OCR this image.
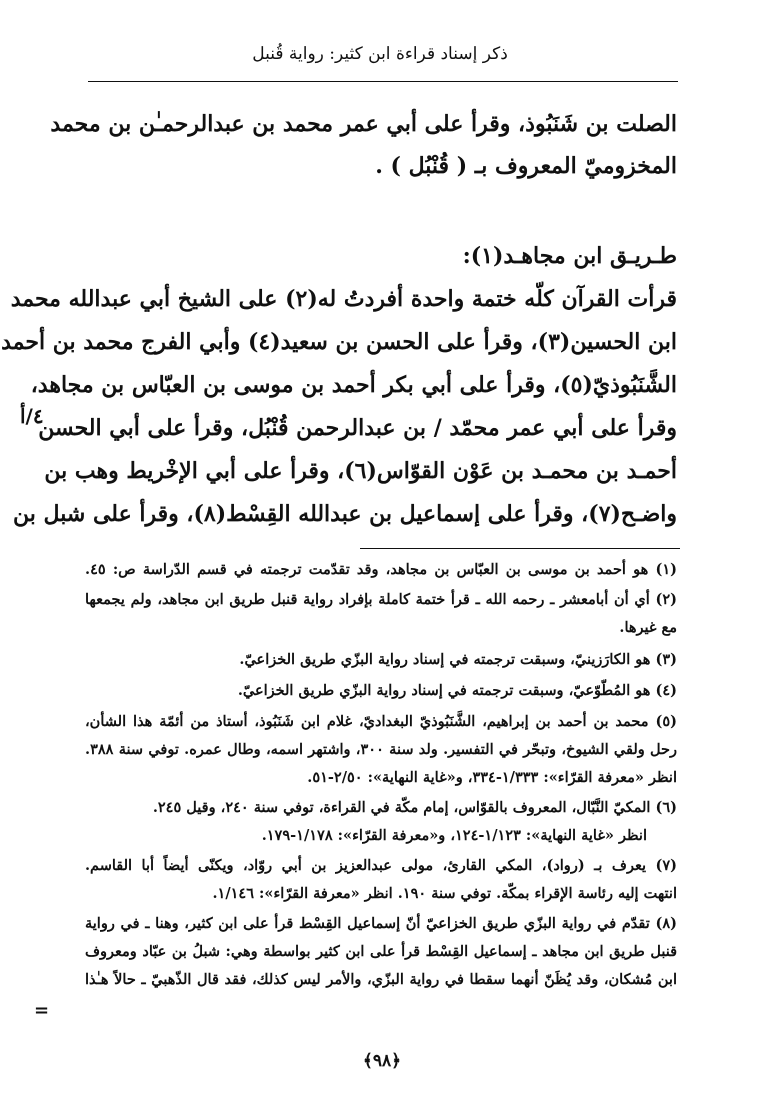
ذكر إسناد قراءة ابن كثير: رواية قُنبل
الصلت بن شَنَبُوذ، وقرأ على أبي عمر محمد بن عبدالرحمـٰن بن محمد
المخزوميّ المعروف بـ ( قُنْبُل ) .
طـريـق ابن مجاهـد(١):
قرأت القرآن كلّه ختمة واحدة أفردتُ له(٢) على الشيخ أبي عبدالله محمد
ابن الحسين(٣)، وقرأ على الحسن بن سعيد(٤) وأبي الفرج محمد بن أحمد
الشَّنَبُوذيّ(٥)، وقرأ على أبي بكر أحمد بن موسى بن العبّاس بن مجاهد،
وقرأ على أبي عمر محمّد / بن عبدالرحمن قُنْبُل، وقرأ على أبي الحسن
أحمـد بن محمـد بن عَوْن القوّاس(٦)، وقرأ على أبي الإخْريط وهب بن
واضـح(٧)، وقرأ على إسماعيل بن عبدالله القِسْط(٨)، وقرأ على شبل بن
٤/أ
(١) هو أحمد بن موسى بن العبّاس بن مجاهد، وقد تقدّمت ترجمته في قسم الدّراسة ص: ٤٥.
(٢) أي أن أبامعشر ـ رحمه الله ـ قرأ ختمة كاملة بإفراد رواية قنبل طريق ابن مجاهد، ولم يجمعها
مع غيرها.
(٣) هو الكارَزينيّ، وسبقت ترجمته في إسناد رواية البزّي طريق الخزاعيّ.
(٤) هو المُطّوّعيّ، وسبقت ترجمته في إسناد رواية البزّي طريق الخزاعيّ.
(٥) محمد بن أحمد بن إبراهيم، الشَّنَبُوذيّ البغداديّ، غلام ابن شَنَبُوذ، أستاذ من أئمّة هذا الشأن،
رحل ولقي الشيوخ، وتبحّر في التفسير. ولد سنة ٣٠٠، واشتهر اسمه، وطال عمره. توفي سنة ٣٨٨.
انظر «معرفة القرّاء»: ١/٣٣٣-٣٣٤، و«غاية النهاية»: ٢/٥٠-٥١.
(٦) المكيّ النَّبّال، المعروف بالقوّاس، إمام مكّة في القراءة، توفي سنة ٢٤٠، وقيل ٢٤٥.
انظر «غاية النهاية»: ١/١٢٣-١٢٤، و«معرفة القرّاء»: ١/١٧٨-١٧٩.
(٧) يعرف بـ (رواد)، المكي القارئ، مولى عبدالعزيز بن أبي روّاد، ويكنّى أيضاً أبا القاسم.
انتهت إليه رئاسة الإقراء بمكّة. توفي سنة ١٩٠. انظر «معرفة القرّاء»: ١/١٤٦.
(٨) تقدّم في رواية البزّي طريق الخزاعيّ أنّ إسماعيل القِسْط قرأ على ابن كثير، وهنا ـ في رواية
قنبل طريق ابن مجاهد ـ إسماعيل القِسْط قرأ على ابن كثير بواسطة وهي: شبلُ بن عبّاد ومعروف
ابن مُشكان، وقد يُظَنّ أنهما سقطا في رواية البزّي، والأمر ليس كذلك، فقد قال الذّهبيّ ـ حالاً هـٰذا
=
﴿٩٨﴾
